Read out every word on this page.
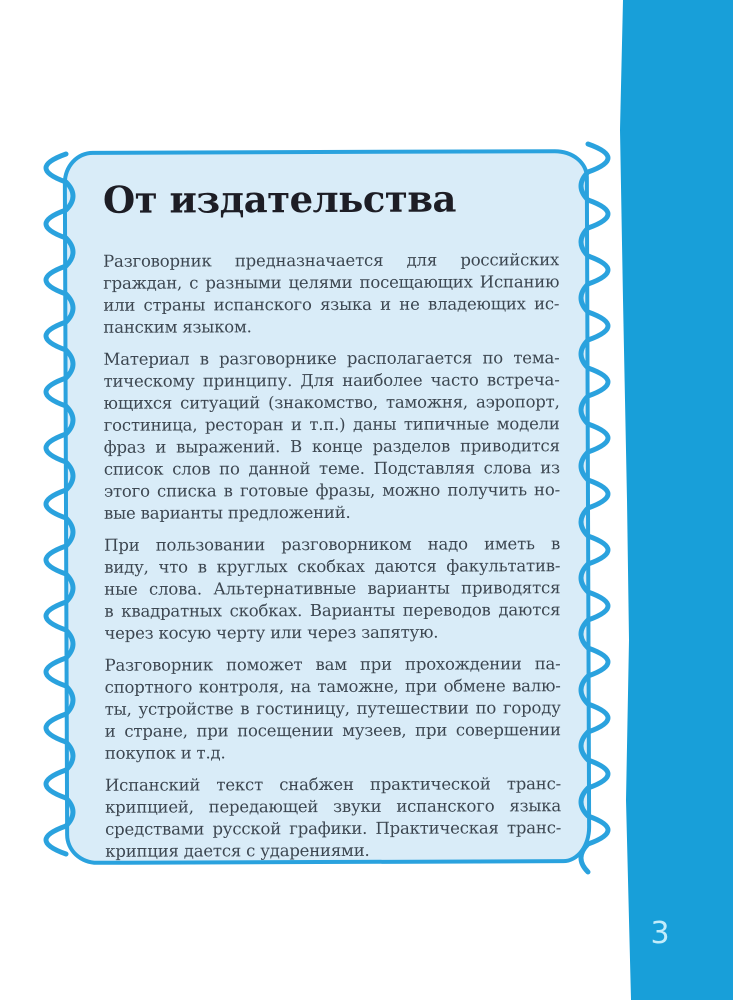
3
От издательства
Разговорник предназначается для российских
граждан, с разными целями посещающих Испанию
или страны испанского языка и не владеющих ис-
панским языком.
Материал в разговорнике располагается по тема-
тическому принципу. Для наиболее часто встреча-
ющихся ситуаций (знакомство, таможня, аэропорт,
гостиница, ресторан и т.п.) даны типичные модели
фраз и выражений. В конце разделов приводится
список слов по данной теме. Подставляя слова из
этого списка в готовые фразы, можно получить но-
вые варианты предложений.
При пользовании разговорником надо иметь в
виду, что в круглых скобках даются факультатив-
ные слова. Альтернативные варианты приводятся
в квадратных скобках. Варианты переводов даются
через косую черту или через запятую.
Разговорник поможет вам при прохождении па-
спортного контроля, на таможне, при обмене валю-
ты, устройстве в гостиницу, путешествии по городу
и стране, при посещении музеев, при совершении
покупок и т.д.
Испанский текст снабжен практической транс-
крипцией, передающей звуки испанского языка
средствами русской графики. Практическая транс-
крипция дается с ударениями.
